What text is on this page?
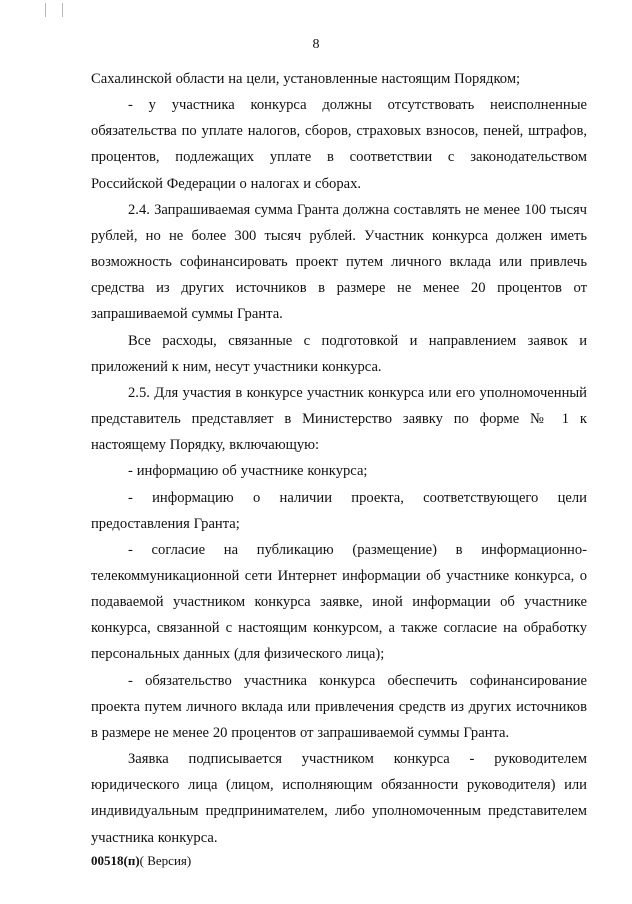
8

Сахалинской области на цели, установленные настоящим Порядком;

- у участника конкурса должны отсутствовать неисполненные обязательства по уплате налогов, сборов, страховых взносов, пеней, штрафов, процентов, подлежащих уплате в соответствии с законодательством Российской Федерации о налогах и сборах.

2.4. Запрашиваемая сумма Гранта должна составлять не менее 100 тысяч рублей, но не более 300 тысяч рублей. Участник конкурса должен иметь возможность софинансировать проект путем личного вклада или привлечь средства из других источников в размере не менее 20 процентов от запрашиваемой суммы Гранта.

Все расходы, связанные с подготовкой и направлением заявок и приложений к ним, несут участники конкурса.

2.5. Для участия в конкурсе участник конкурса или его уполномоченный представитель представляет в Министерство заявку по форме № 1 к настоящему Порядку, включающую:

- информацию об участнике конкурса;

- информацию о наличии проекта, соответствующего цели предоставления Гранта;

- согласие на публикацию (размещение) в информационно-телекоммуникационной сети Интернет информации об участнике конкурса, о подаваемой участником конкурса заявке, иной информации об участнике конкурса, связанной с настоящим конкурсом, а также согласие на обработку персональных данных (для физического лица);

- обязательство участника конкурса обеспечить софинансирование проекта путем личного вклада или привлечения средств из других источников в размере не менее 20 процентов от запрашиваемой суммы Гранта.

Заявка подписывается участником конкурса - руководителем юридического лица (лицом, исполняющим обязанности руководителя) или индивидуальным предпринимателем, либо уполномоченным представителем участника конкурса.

00518(п)( Версия)
